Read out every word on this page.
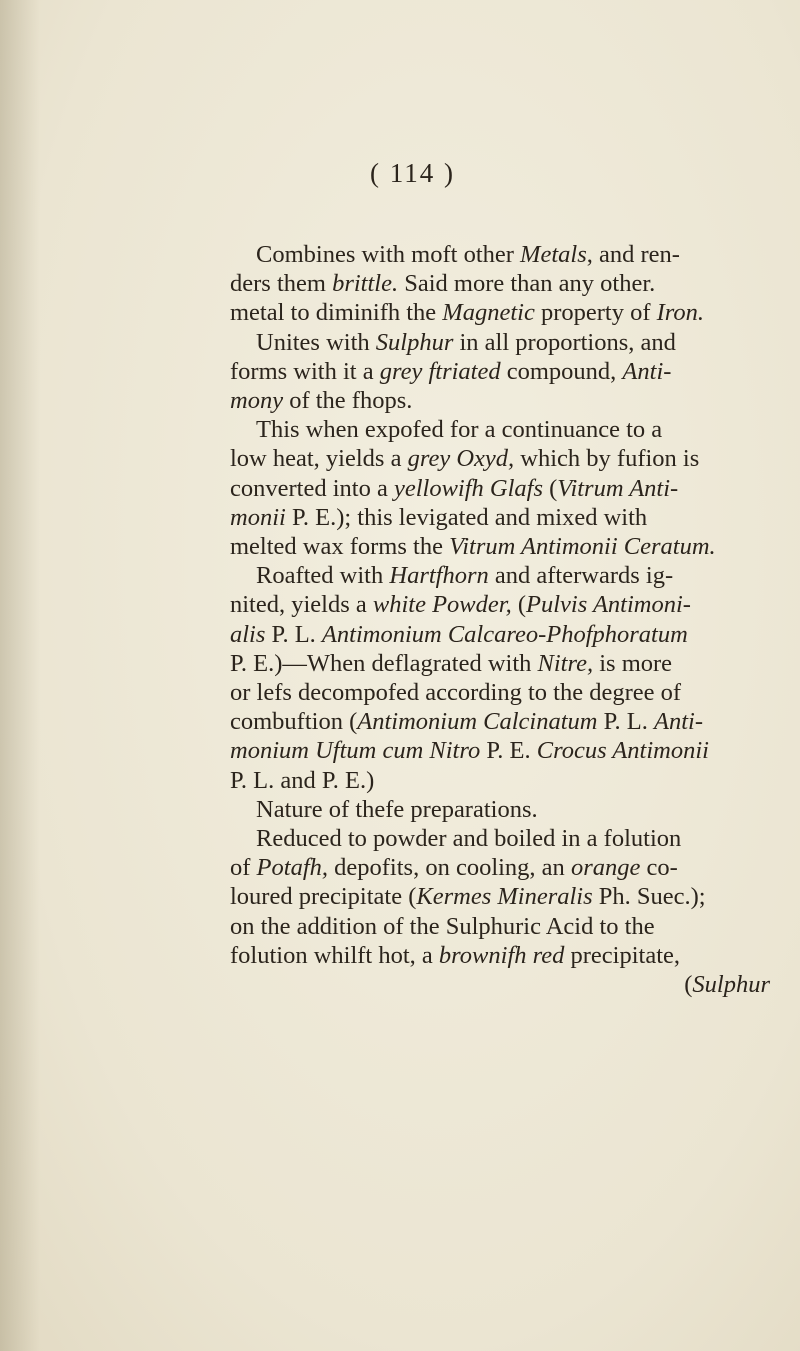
( 114 )
Combines with moft other Metals, and ren-
ders them brittle. Said more than any other.
metal to diminifh the Magnetic property of Iron.
Unites with Sulphur in all proportions, and
forms with it a grey ftriated compound, Anti-
mony of the fhops.
This when expofed for a continuance to a
low heat, yields a grey Oxyd, which by fufion is
converted into a yellowifh Glafs (Vitrum Anti-
monii P. E.); this levigated and mixed with
melted wax forms the Vitrum Antimonii Ceratum.
Roafted with Hartfhorn and afterwards ig-
nited, yields a white Powder, (Pulvis Antimoni-
alis P. L. Antimonium Calcareo-Phofphoratum
P. E.)—When deflagrated with Nitre, is more
or lefs decompofed according to the degree of
combuftion (Antimonium Calcinatum P. L. Anti-
monium Uftum cum Nitro P. E. Crocus Antimonii
P. L. and P. E.)
Nature of thefe preparations.
Reduced to powder and boiled in a folution
of Potafh, depofits, on cooling, an orange co-
loured precipitate (Kermes Mineralis Ph. Suec.);
on the addition of the Sulphuric Acid to the
folution whilft hot, a brownifh red precipitate,
(Sulphur
